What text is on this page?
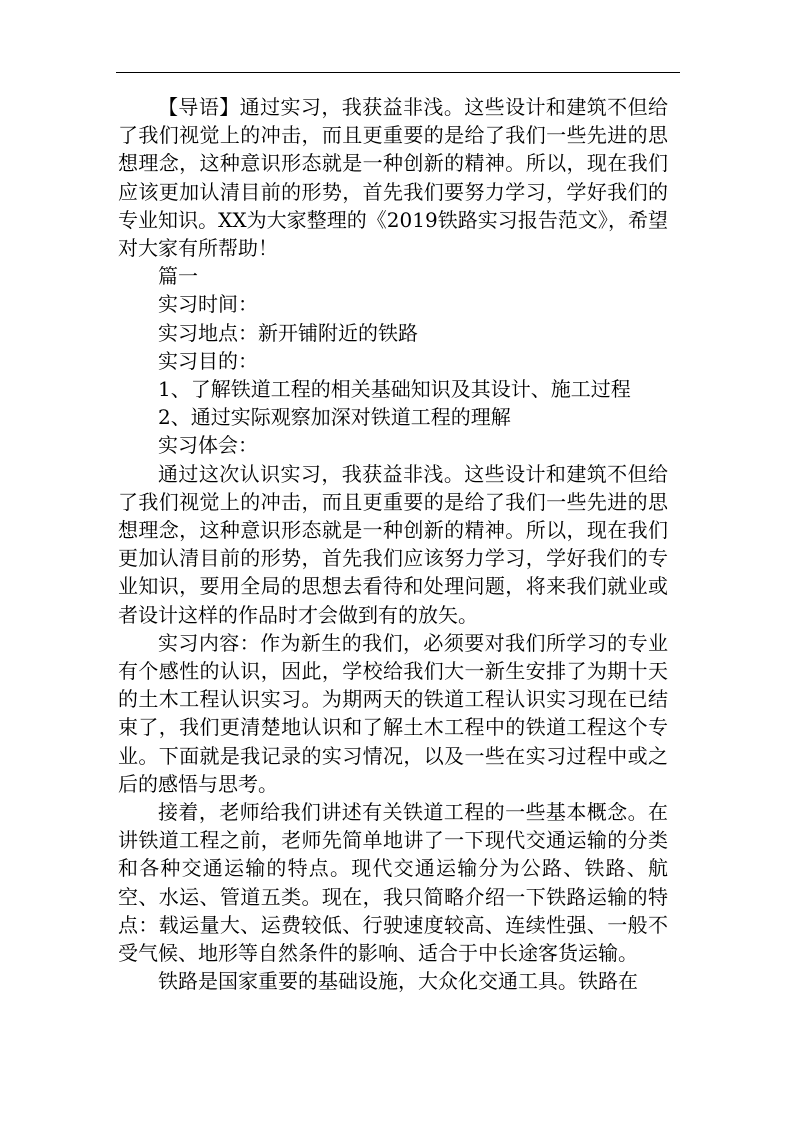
【导语】通过实习，我获益非浅。这些设计和建筑不但给了我们视觉上的冲击，而且更重要的是给了我们一些先进的思想理念，这种意识形态就是一种创新的精神。所以，现在我们应该更加认清目前的形势，首先我们要努力学习，学好我们的专业知识。XX为大家整理的《2019铁路实习报告范文》，希望对大家有所帮助！

篇一

实习时间：

实习地点：新开铺附近的铁路

实习目的：

1、了解铁道工程的相关基础知识及其设计、施工过程

2、通过实际观察加深对铁道工程的理解

实习体会：

通过这次认识实习，我获益非浅。这些设计和建筑不但给了我们视觉上的冲击，而且更重要的是给了我们一些先进的思想理念，这种意识形态就是一种创新的精神。所以，现在我们更加认清目前的形势，首先我们应该努力学习，学好我们的专业知识，要用全局的思想去看待和处理问题，将来我们就业或者设计这样的作品时才会做到有的放矢。

实习内容：作为新生的我们，必须要对我们所学习的专业有个感性的认识，因此，学校给我们大一新生安排了为期十天的土木工程认识实习。为期两天的铁道工程认识实习现在已结束了，我们更清楚地认识和了解土木工程中的铁道工程这个专业。下面就是我记录的实习情况，以及一些在实习过程中或之后的感悟与思考。

接着，老师给我们讲述有关铁道工程的一些基本概念。在讲铁道工程之前，老师先简单地讲了一下现代交通运输的分类和各种交通运输的特点。现代交通运输分为公路、铁路、航空、水运、管道五类。现在，我只简略介绍一下铁路运输的特点：载运量大、运费较低、行驶速度较高、连续性强、一般不受气候、地形等自然条件的影响、适合于中长途客货运输。

铁路是国家重要的基础设施，大众化交通工具。铁路在
